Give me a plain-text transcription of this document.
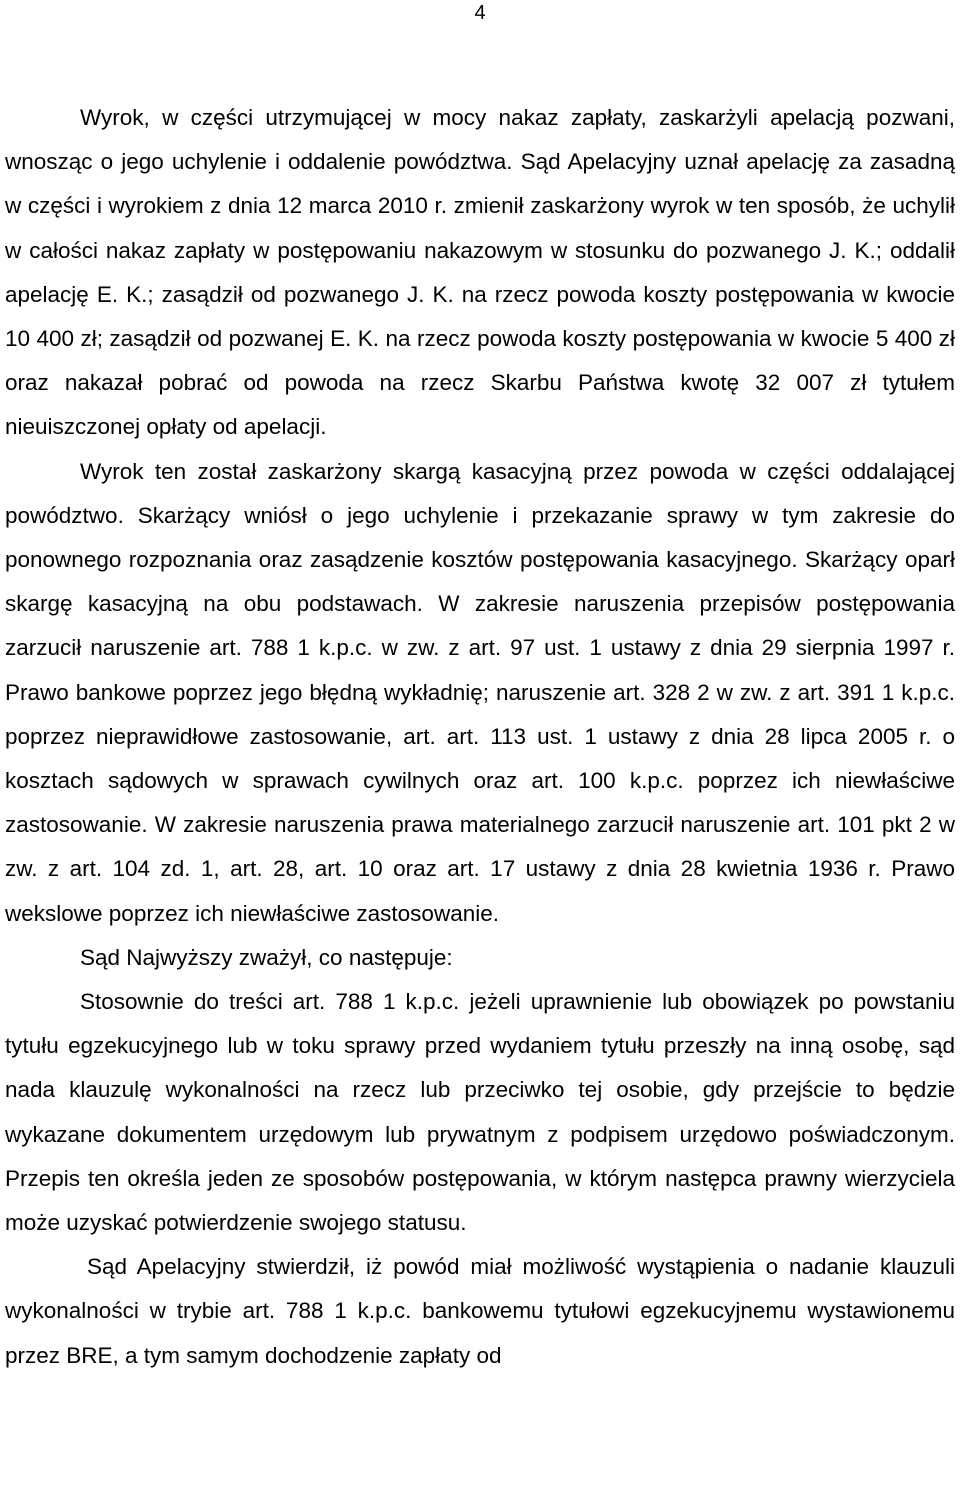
4

Wyrok, w części utrzymującej w mocy nakaz zapłaty, zaskarżyli apelacją pozwani, wnosząc o jego uchylenie i oddalenie powództwa. Sąd Apelacyjny uznał apelację za zasadną w części i wyrokiem z dnia 12 marca 2010 r. zmienił zaskarżony wyrok w ten sposób, że uchylił w całości nakaz zapłaty w postępowaniu nakazowym w stosunku do pozwanego J. K.; oddalił apelację E. K.; zasądził od pozwanego J. K. na rzecz powoda koszty postępowania w kwocie 10 400 zł; zasądził od pozwanej E. K. na rzecz powoda koszty postępowania w kwocie 5 400 zł oraz nakazał pobrać od powoda na rzecz Skarbu Państwa kwotę 32 007 zł tytułem nieuiszczonej opłaty od apelacji.

Wyrok ten został zaskarżony skargą kasacyjną przez powoda w części oddalającej powództwo. Skarżący wniósł o jego uchylenie i przekazanie sprawy w tym zakresie do ponownego rozpoznania oraz zasądzenie kosztów postępowania kasacyjnego. Skarżący oparł skargę kasacyjną na obu podstawach. W zakresie naruszenia przepisów postępowania zarzucił naruszenie art. 788 1 k.p.c. w zw. z art. 97 ust. 1 ustawy z dnia 29 sierpnia 1997 r. Prawo bankowe poprzez jego błędną wykładnię; naruszenie art. 328 2 w zw. z art. 391 1 k.p.c. poprzez nieprawidłowe zastosowanie, art. art. 113 ust. 1 ustawy z dnia 28 lipca 2005 r. o kosztach sądowych w sprawach cywilnych oraz art. 100 k.p.c. poprzez ich niewłaściwe zastosowanie. W zakresie naruszenia prawa materialnego zarzucił naruszenie art. 101 pkt 2 w zw. z art. 104 zd. 1, art. 28, art. 10 oraz art. 17 ustawy z dnia 28 kwietnia 1936 r. Prawo wekslowe poprzez ich niewłaściwe zastosowanie.

Sąd Najwyższy zważył, co następuje:

Stosownie do treści art. 788 1 k.p.c. jeżeli uprawnienie lub obowiązek po powstaniu tytułu egzekucyjnego lub w toku sprawy przed wydaniem tytułu przeszły na inną osobę, sąd nada klauzulę wykonalności na rzecz lub przeciwko tej osobie, gdy przejście to będzie wykazane dokumentem urzędowym lub prywatnym z podpisem urzędowo poświadczonym. Przepis ten określa jeden ze sposobów postępowania, w którym następca prawny wierzyciela może uzyskać potwierdzenie swojego statusu.

Sąd Apelacyjny stwierdził, iż powód miał możliwość wystąpienia o nadanie klauzuli wykonalności w trybie art. 788 1 k.p.c. bankowemu tytułowi egzekucyjnemu wystawionemu przez BRE, a tym samym dochodzenie zapłaty od
